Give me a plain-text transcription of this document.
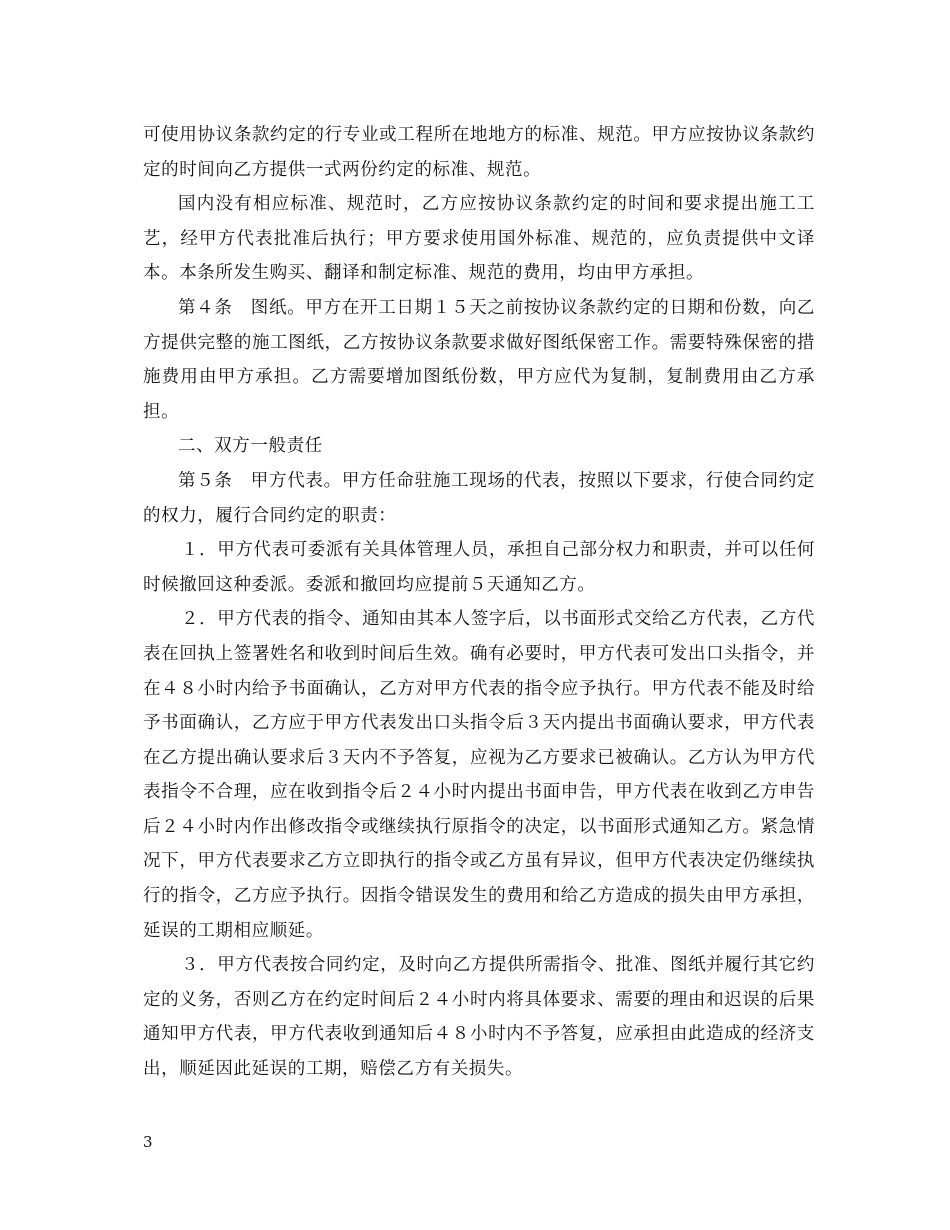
可使用协议条款约定的行专业或工程所在地地方的标准、规范。甲方应按协议条款约定的时间向乙方提供一式两份约定的标准、规范。

国内没有相应标准、规范时，乙方应按协议条款约定的时间和要求提出施工工艺，经甲方代表批准后执行；甲方要求使用国外标准、规范的，应负责提供中文译本。本条所发生购买、翻译和制定标准、规范的费用，均由甲方承担。

第４条　图纸。甲方在开工日期１５天之前按协议条款约定的日期和份数，向乙方提供完整的施工图纸，乙方按协议条款要求做好图纸保密工作。需要特殊保密的措施费用由甲方承担。乙方需要增加图纸份数，甲方应代为复制，复制费用由乙方承担。

二、双方一般责任

第５条　甲方代表。甲方任命驻施工现场的代表，按照以下要求，行使合同约定的权力，履行合同约定的职责：

１．甲方代表可委派有关具体管理人员，承担自己部分权力和职责，并可以任何时候撤回这种委派。委派和撤回均应提前５天通知乙方。

２．甲方代表的指令、通知由其本人签字后，以书面形式交给乙方代表，乙方代表在回执上签署姓名和收到时间后生效。确有必要时，甲方代表可发出口头指令，并在４８小时内给予书面确认，乙方对甲方代表的指令应予执行。甲方代表不能及时给予书面确认，乙方应于甲方代表发出口头指令后３天内提出书面确认要求，甲方代表在乙方提出确认要求后３天内不予答复，应视为乙方要求已被确认。乙方认为甲方代表指令不合理，应在收到指令后２４小时内提出书面申告，甲方代表在收到乙方申告后２４小时内作出修改指令或继续执行原指令的决定，以书面形式通知乙方。紧急情况下，甲方代表要求乙方立即执行的指令或乙方虽有异议，但甲方代表决定仍继续执行的指令，乙方应予执行。因指令错误发生的费用和给乙方造成的损失由甲方承担，延误的工期相应顺延。

３．甲方代表按合同约定，及时向乙方提供所需指令、批准、图纸并履行其它约定的义务，否则乙方在约定时间后２４小时内将具体要求、需要的理由和迟误的后果通知甲方代表，甲方代表收到通知后４８小时内不予答复，应承担由此造成的经济支出，顺延因此延误的工期，赔偿乙方有关损失。

3
